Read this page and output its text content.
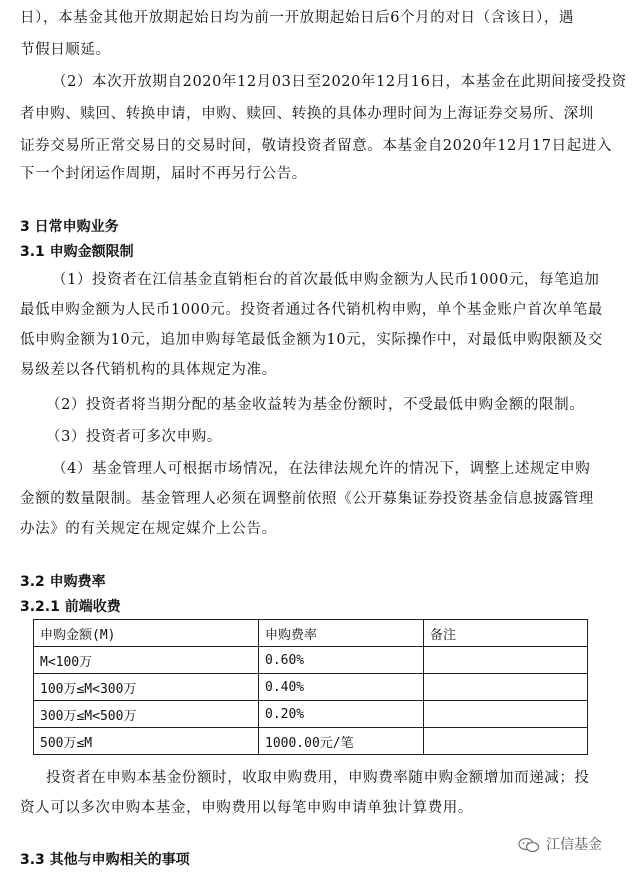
日），本基金其他开放期起始日均为前一开放期起始日后6个月的对日（含该日），遇
节假日顺延。
（2）本次开放期自2020年12月03日至2020年12月16日，本基金在此期间接受投资
者申购、赎回、转换申请，申购、赎回、转换的具体办理时间为上海证券交易所、深圳
证券交易所正常交易日的交易时间，敬请投资者留意。本基金自2020年12月17日起进入
下一个封闭运作周期，届时不再另行公告。
3 日常申购业务
3.1 申购金额限制
（1）投资者在江信基金直销柜台的首次最低申购金额为人民币1000元，每笔追加
最低申购金额为人民币1000元。投资者通过各代销机构申购，单个基金账户首次单笔最
低申购金额为10元，追加申购每笔最低金额为10元，实际操作中，对最低申购限额及交
易级差以各代销机构的具体规定为准。
（2）投资者将当期分配的基金收益转为基金份额时，不受最低申购金额的限制。
（3）投资者可多次申购。
（4）基金管理人可根据市场情况，在法律法规允许的情况下，调整上述规定申购
金额的数量限制。基金管理人必须在调整前依照《公开募集证券投资基金信息披露管理
办法》的有关规定在规定媒介上公告。
3.2 申购费率
3.2.1 前端收费
申购金额(M)	申购费率	备注
M<100万	0.60%	
100万≤M<300万	0.40%	
300万≤M<500万	0.20%	
500万≤M	1000.00元/笔	
投资者在申购本基金份额时，收取申购费用，申购费率随申购金额增加而递减；投
资人可以多次申购本基金，申购费用以每笔申购申请单独计算费用。
3.3 其他与申购相关的事项
江信基金
